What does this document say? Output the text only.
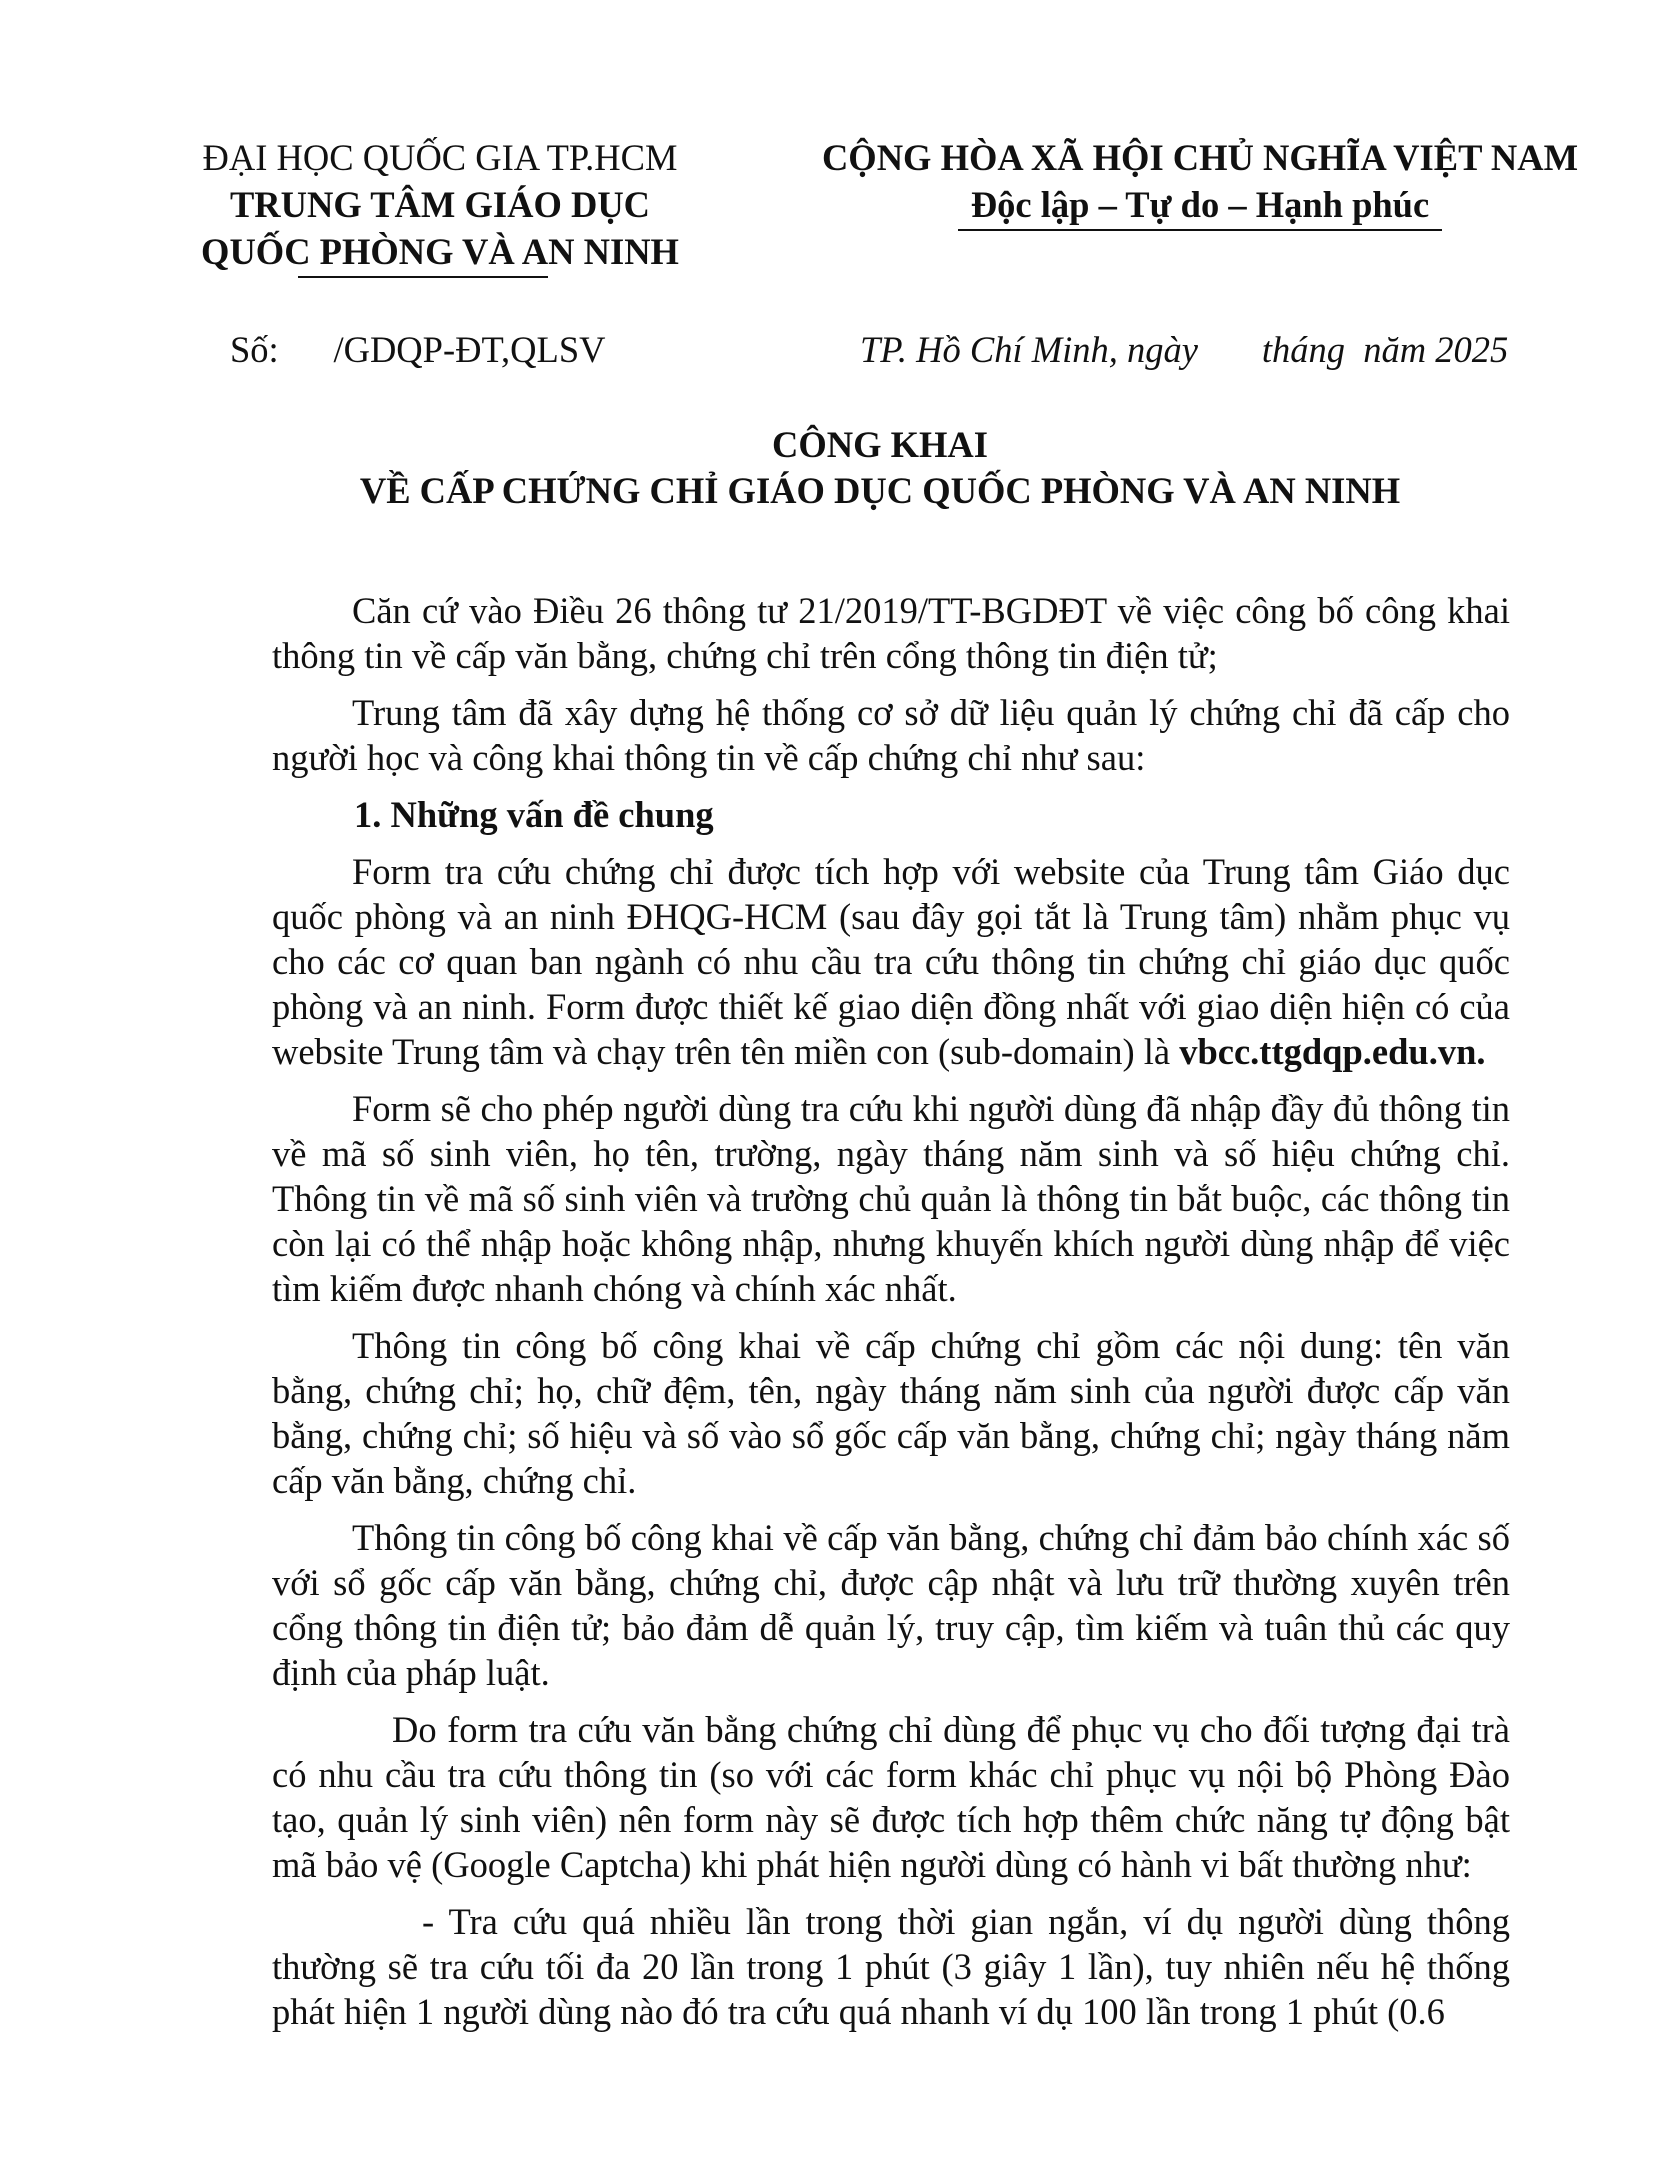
ĐẠI HỌC QUỐC GIA TP.HCM
TRUNG TÂM GIÁO DỤC
QUỐC PHÒNG VÀ AN NINH
CỘNG HÒA XÃ HỘI CHỦ NGHĨA VIỆT NAM
Độc lập – Tự do – Hạnh phúc
Số:      /GDQP-ĐT,QLSV	TP. Hồ Chí Minh, ngày       tháng  năm 2025
CÔNG KHAI
VỀ CẤP CHỨNG CHỈ GIÁO DỤC QUỐC PHÒNG VÀ AN NINH

Căn cứ vào Điều 26 thông tư 21/2019/TT-BGDĐT về việc công bố công khai thông tin về cấp văn bằng, chứng chỉ trên cổng thông tin điện tử;

Trung tâm đã xây dựng hệ thống cơ sở dữ liệu quản lý chứng chỉ đã cấp cho người học và công khai thông tin về cấp chứng chỉ như sau:

1. Những vấn đề chung

Form tra cứu chứng chỉ được tích hợp với website của Trung tâm Giáo dục quốc phòng và an ninh ĐHQG-HCM (sau đây gọi tắt là Trung tâm) nhằm phục vụ cho các cơ quan ban ngành có nhu cầu tra cứu thông tin chứng chỉ giáo dục quốc phòng và an ninh. Form được thiết kế giao diện đồng nhất với giao diện hiện có của website Trung tâm và chạy trên tên miền con (sub-domain) là vbcc.ttgdqp.edu.vn.

Form sẽ cho phép người dùng tra cứu khi người dùng đã nhập đầy đủ thông tin về mã số sinh viên, họ tên, trường, ngày tháng năm sinh và số hiệu chứng chỉ. Thông tin về mã số sinh viên và trường chủ quản là thông tin bắt buộc, các thông tin còn lại có thể nhập hoặc không nhập, nhưng khuyến khích người dùng nhập để việc tìm kiếm được nhanh chóng và chính xác nhất.

Thông tin công bố công khai về cấp chứng chỉ gồm các nội dung: tên văn bằng, chứng chỉ; họ, chữ đệm, tên, ngày tháng năm sinh của người được cấp văn bằng, chứng chỉ; số hiệu và số vào sổ gốc cấp văn bằng, chứng chỉ; ngày tháng năm cấp văn bằng, chứng chỉ.

Thông tin công bố công khai về cấp văn bằng, chứng chỉ đảm bảo chính xác số với sổ gốc cấp văn bằng, chứng chỉ, được cập nhật và lưu trữ thường xuyên trên cổng thông tin điện tử; bảo đảm dễ quản lý, truy cập, tìm kiếm và tuân thủ các quy định của pháp luật.

Do form tra cứu văn bằng chứng chỉ dùng để phục vụ cho đối tượng đại trà có nhu cầu tra cứu thông tin (so với các form khác chỉ phục vụ nội bộ Phòng Đào tạo, quản lý sinh viên) nên form này sẽ được tích hợp thêm chức năng tự động bật mã bảo vệ (Google Captcha) khi phát hiện người dùng có hành vi bất thường như:

- Tra cứu quá nhiều lần trong thời gian ngắn, ví dụ người dùng thông thường sẽ tra cứu tối đa 20 lần trong 1 phút (3 giây 1 lần), tuy nhiên nếu hệ thống phát hiện 1 người dùng nào đó tra cứu quá nhanh ví dụ 100 lần trong 1 phút (0.6
